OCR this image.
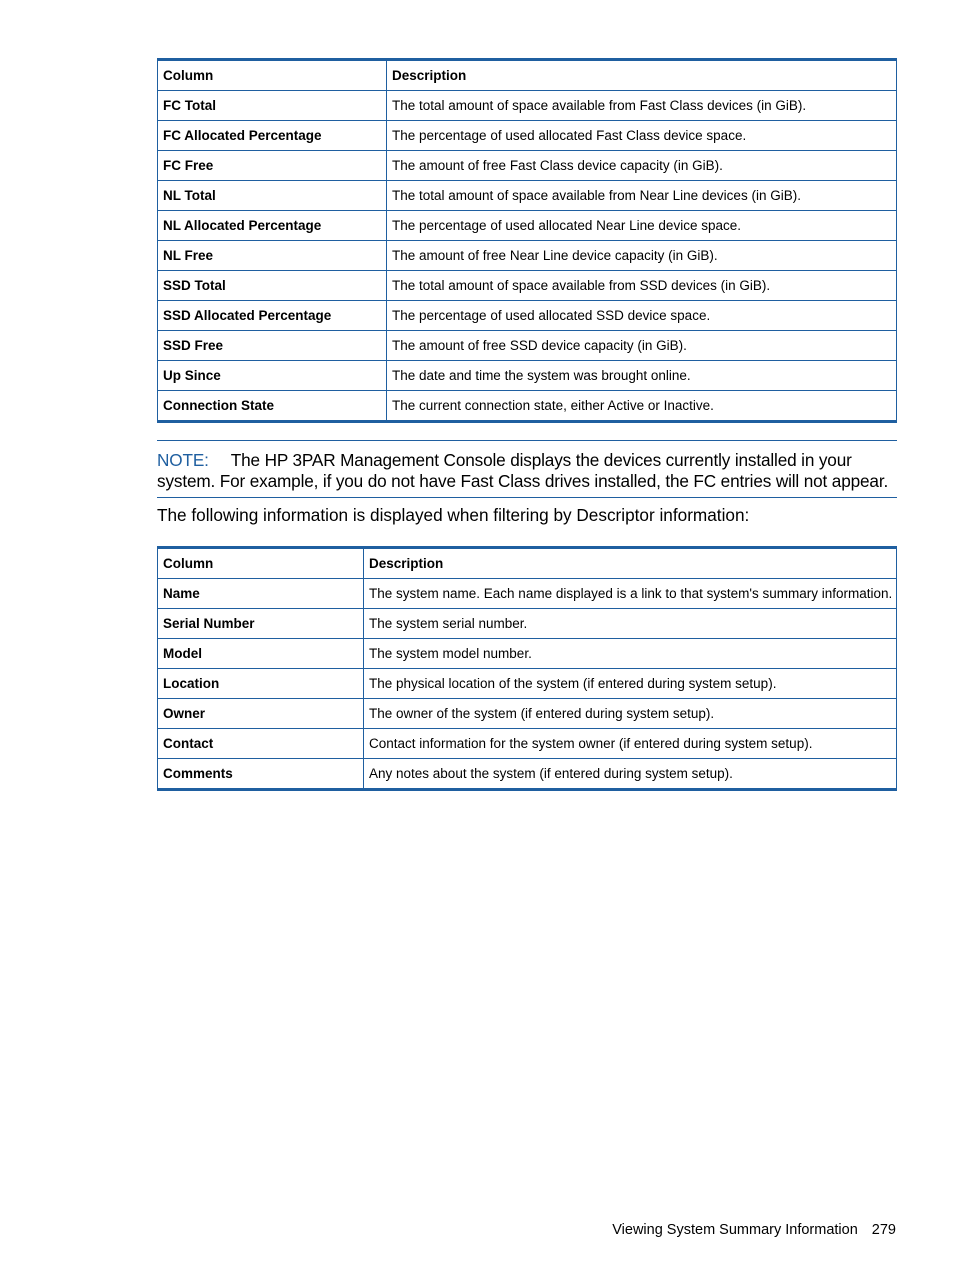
Column	Description
FC Total	The total amount of space available from Fast Class devices (in GiB).
FC Allocated Percentage	The percentage of used allocated Fast Class device space.
FC Free	The amount of free Fast Class device capacity (in GiB).
NL Total	The total amount of space available from Near Line devices (in GiB).
NL Allocated Percentage	The percentage of used allocated Near Line device space.
NL Free	The amount of free Near Line device capacity (in GiB).
SSD Total	The total amount of space available from SSD devices (in GiB).
SSD Allocated Percentage	The percentage of used allocated SSD device space.
SSD Free	The amount of free SSD device capacity (in GiB).
Up Since	The date and time the system was brought online.
Connection State	The current connection state, either Active or Inactive.
NOTE: The HP 3PAR Management Console displays the devices currently installed in your system. For example, if you do not have Fast Class drives installed, the FC entries will not appear.
The following information is displayed when filtering by Descriptor information:
Column	Description
Name	The system name. Each name displayed is a link to that system's summary information.
Serial Number	The system serial number.
Model	The system model number.
Location	The physical location of the system (if entered during system setup).
Owner	The owner of the system (if entered during system setup).
Contact	Contact information for the system owner (if entered during system setup).
Comments	Any notes about the system (if entered during system setup).
Viewing System Summary Information 279
